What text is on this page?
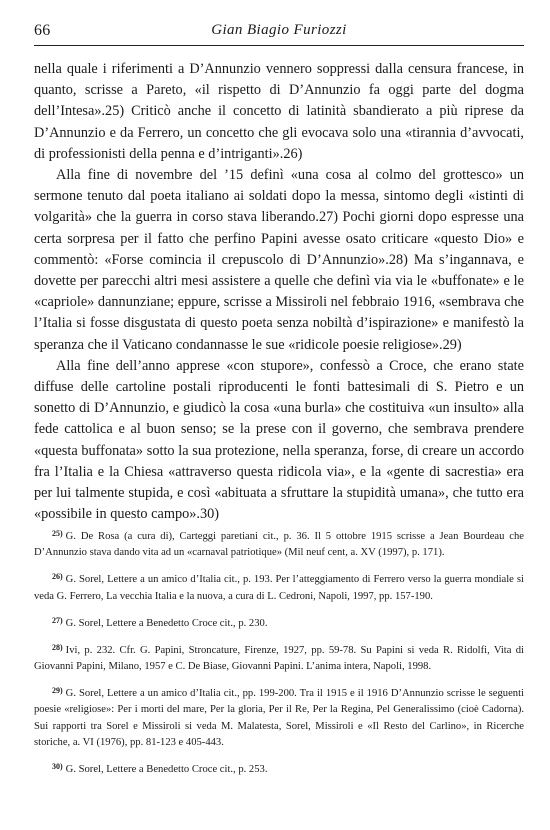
66	Gian Biagio Furiozzi

nella quale i riferimenti a D’Annunzio vennero soppressi dalla censura francese, in quanto, scrisse a Pareto, «il rispetto di D’Annunzio fa oggi parte del dogma dell’Intesa».25) Criticò anche il concetto di latinità sbandierato a più riprese da D’Annunzio e da Ferrero, un concetto che gli evocava solo una «tirannia d’avvocati, di professionisti della penna e d’intriganti».26)

Alla fine di novembre del ’15 definì «una cosa al colmo del grottesco» un sermone tenuto dal poeta italiano ai soldati dopo la messa, sintomo degli «istinti di volgarità» che la guerra in corso stava liberando.27) Pochi giorni dopo espresse una certa sorpresa per il fatto che perfino Papini avesse osato criticare «questo Dio» e commentò: «Forse comincia il crepuscolo di D’Annunzio».28) Ma s’ingannava, e dovette per parecchi altri mesi assistere a quelle che definì via via le «buffonate» e le «capriole» dannunziane; eppure, scrisse a Missiroli nel febbraio 1916, «sembrava che l’Italia si fosse disgustata di questo poeta senza nobiltà d’ispirazione» e manifestò la speranza che il Vaticano condannasse le sue «ridicole poesie religiose».29)

Alla fine dell’anno apprese «con stupore», confessò a Croce, che erano state diffuse delle cartoline postali riproducenti le fonti battesimali di S. Pietro e un sonetto di D’Annunzio, e giudicò la cosa «una burla» che costituiva «un insulto» alla fede cattolica e al buon senso; se la prese con il governo, che sembrava prendere «questa buffonata» sotto la sua protezione, nella speranza, forse, di creare un accordo fra l’Italia e la Chiesa «attraverso questa ridicola via», e la «gente di sacrestia» era per lui talmente stupida, e così «abituata a sfruttare la stupidità umana», che tutto era «possibile in questo campo».30)

$^{25)}$ G. De Rosa (a cura di), Carteggi paretiani cit., p. 36. Il 5 ottobre 1915 scrisse a Jean Bourdeau che D’Annunzio stava dando vita ad un «carnaval patriotique» (Mil neuf cent, a. XV (1997), p. 171).

$^{26)}$ G. Sorel, Lettere a un amico d’Italia cit., p. 193. Per l’atteggiamento di Ferrero verso la guerra mondiale si veda G. Ferrero, La vecchia Italia e la nuova, a cura di L. Cedroni, Napoli, 1997, pp. 157-190.

$^{27)}$ G. Sorel, Lettere a Benedetto Croce cit., p. 230.

$^{28)}$ Ivi, p. 232. Cfr. G. Papini, Stroncature, Firenze, 1927, pp. 59-78. Su Papini si veda R. Ridolfi, Vita di Giovanni Papini, Milano, 1957 e C. De Biase, Giovanni Papini. L’anima intera, Napoli, 1998.

$^{29)}$ G. Sorel, Lettere a un amico d’Italia cit., pp. 199-200. Tra il 1915 e il 1916 D’Annunzio scrisse le seguenti poesie «religiose»: Per i morti del mare, Per la gloria, Per il Re, Per la Regina, Pel Generalissimo (cioè Cadorna). Sui rapporti tra Sorel e Missiroli si veda M. Malatesta, Sorel, Missiroli e «Il Resto del Carlino», in Ricerche storiche, a. VI (1976), pp. 81-123 e 405-443.

$^{30)}$ G. Sorel, Lettere a Benedetto Croce cit., p. 253.
